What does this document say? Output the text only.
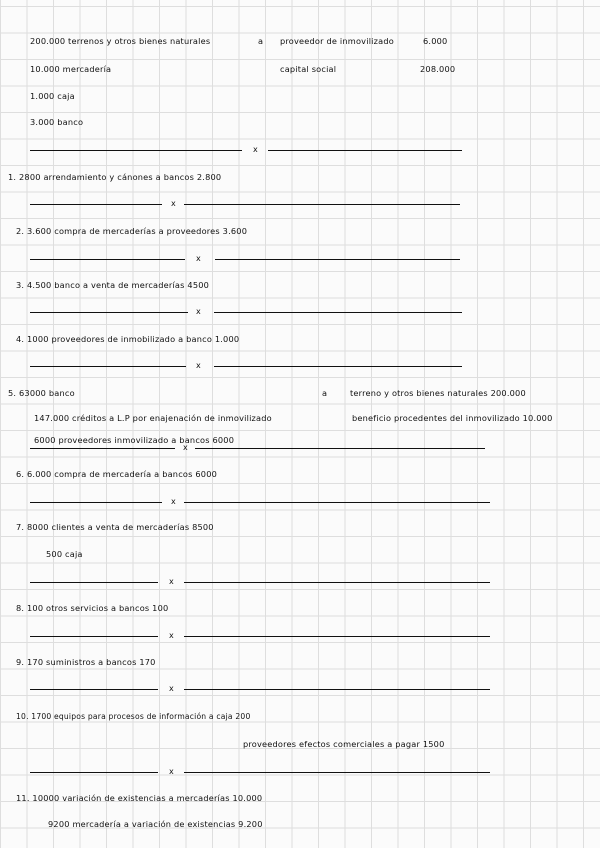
200.000 terrenos y otros bienes naturales	a proveedor de inmovilizado	6.000
10.000 mercadería	capital social	208.000
1.000 caja
3.000 banco
x
1. 2800 arrendamiento y cánones a bancos 2.800
x
2. 3.600 compra de mercaderías a proveedores 3.600
x
3. 4.500 banco a venta de mercaderías 4500
x
4. 1000 proveedores de inmobilizado a banco 1.000
x
5. 63000 banco	a	terreno y otros bienes naturales 200.000
147.000 créditos a L.P por enajenación de inmovilizado	beneficio procedentes del inmovilizado 10.000
6000 proveedores inmovilizado a bancos 6000
x
6. 6.000 compra de mercadería a bancos 6000
x
7. 8000 clientes a venta de mercaderías 8500
500 caja
x
8. 100 otros servicios a bancos 100
x
9. 170 suministros a bancos 170
x
10. 1700 equipos para procesos de información a caja 200
proveedores efectos comerciales a pagar 1500
x
11. 10000 variación de existencias a mercaderías 10.000
9200 mercadería a variación de existencias 9.200
